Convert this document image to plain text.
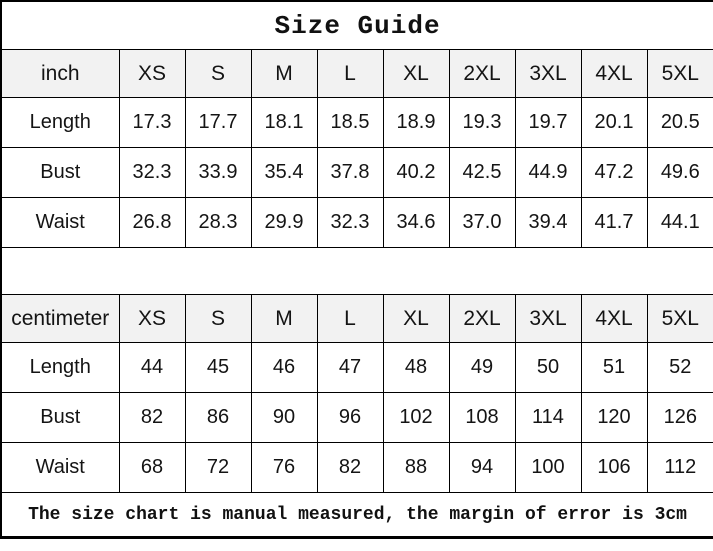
Size Guide									
inch	XS	S	M	L	XL	2XL	3XL	4XL	5XL
Length	17.3	17.7	18.1	18.5	18.9	19.3	19.7	20.1	20.5
Bust	32.3	33.9	35.4	37.8	40.2	42.5	44.9	47.2	49.6
Waist	26.8	28.3	29.9	32.3	34.6	37.0	39.4	41.7	44.1

centimeter	XS	S	M	L	XL	2XL	3XL	4XL	5XL
Length	44	45	46	47	48	49	50	51	52
Bust	82	86	90	96	102	108	114	120	126
Waist	68	72	76	82	88	94	100	106	112
The size chart is manual measured, the margin of error is 3cm									
